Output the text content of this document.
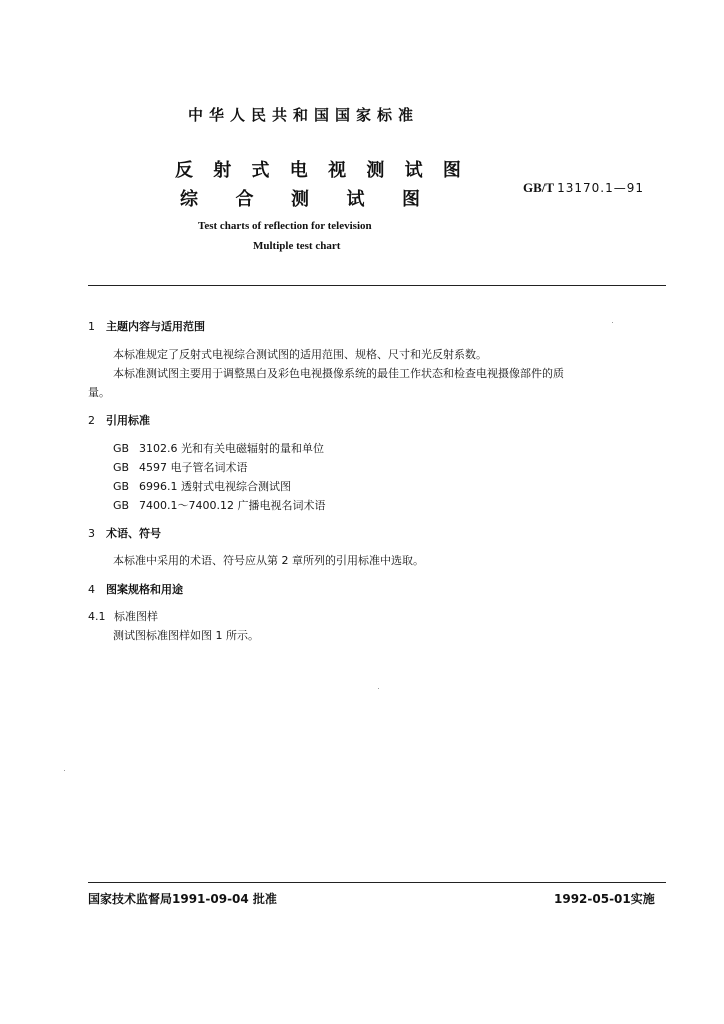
中华人民共和国国家标准
反 射 式 电 视 测 试 图
综 合 测 试 图
GB/T 13170.1—91
Test charts of reflection for television
Multiple test chart
1 主题内容与适用范围
本标准规定了反射式电视综合测试图的适用范围、规格、尺寸和光反射系数。
本标准测试图主要用于调整黑白及彩色电视摄像系统的最佳工作状态和检查电视摄像部件的质
量。
2 引用标准
GB 3102.6 光和有关电磁辐射的量和单位
GB 4597 电子管名词术语
GB 6996.1 透射式电视综合测试图
GB 7400.1～7400.12 广播电视名词术语
3 术语、符号
本标准中采用的术语、符号应从第 2 章所列的引用标准中选取。
4 图案规格和用途
4.1 标准图样
测试图标准图样如图 1 所示。
国家技术监督局1991-09-04 批准	1992-05-01实施
